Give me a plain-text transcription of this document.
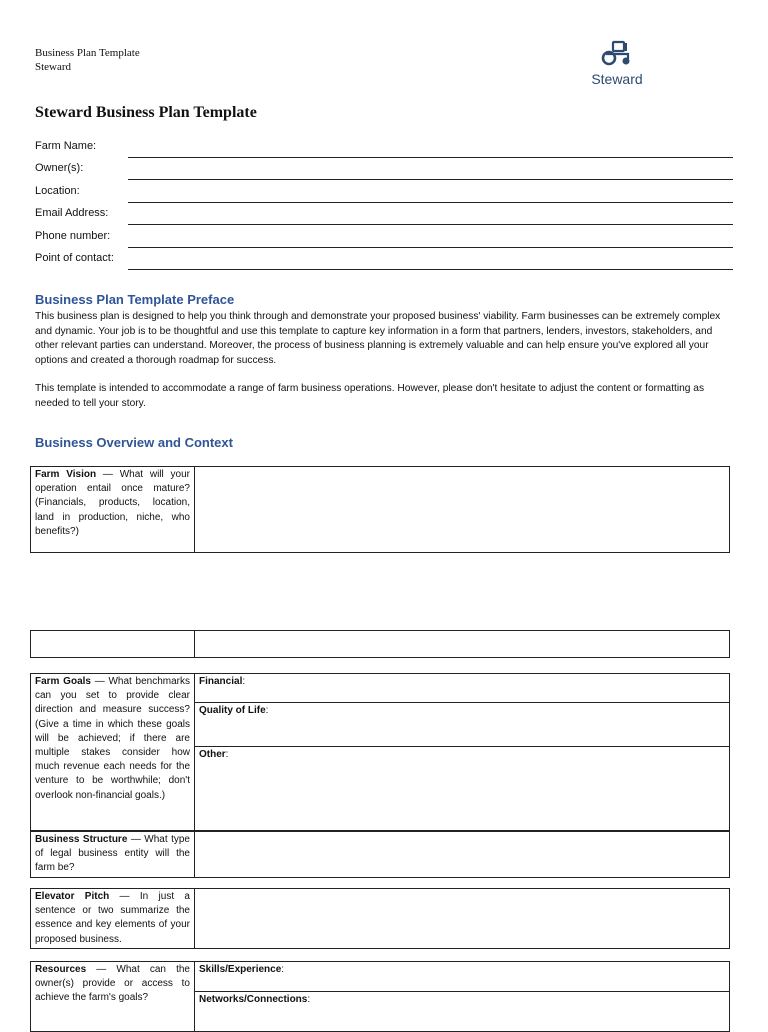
Business Plan Template
Steward
Steward
Steward Business Plan Template
Farm Name:
Owner(s):
Location:
Email Address:
Phone number:
Point of contact:
Business Plan Template Preface

This business plan is designed to help you think through and demonstrate your proposed business' viability. Farm businesses can be extremely complex and dynamic. Your job is to be thoughtful and use this template to capture key information in a form that partners, lenders, investors, stakeholders, and other relevant parties can understand. Moreover, the process of business planning is extremely valuable and can help ensure you've explored all your options and created a thorough roadmap for success.

This template is intended to accommodate a range of farm business operations. However, please don't hesitate to adjust the content or formatting as needed to tell your story.

Business Overview and Context
Farm Vision — What will your operation entail once mature? (Financials, products, location, land in production, niche, who benefits?)	

Farm Goals — What benchmarks can you set to provide clear direction and measure success? (Give a time in which these goals will be achieved; if there are multiple stakes consider how much revenue each needs for the venture to be worthwhile; don't overlook non-financial goals.)	Financial:
Quality of Life:
Other:
Business Structure — What type of legal business entity will the farm be?	
Elevator Pitch — In just a sentence or two summarize the essence and key elements of your proposed business.	
Resources — What can the owner(s) provide or access to achieve the farm's goals?	Skills/Experience:
Networks/Connections:
